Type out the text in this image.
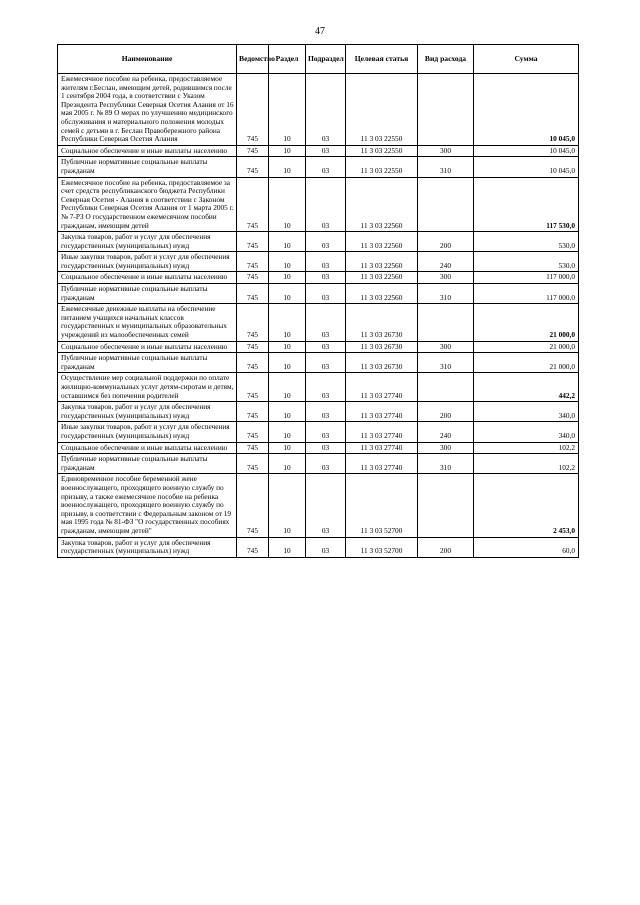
47
Наименование	Ведомство	Раздел	Подраздел	Целевая статья	Вид расхода	Сумма
Ежемесячное пособие на ребенка, предоставляемое жителям г.Беслан, имеющим детей, родившимся после 1 сентября 2004 года, в соответствии с Указом Президента Республики Северная Осетия Алания от 16 мая 2005 г. № 89 О мерах по улучшению медицинского обслуживания и материального положения молодых семей с детьми в г. Беслан Правобережного района Республики Северная Осетия Алания	745	10	03	11 3 03 22550		10 045,0
Социальное обеспечение и иные выплаты населению	745	10	03	11 3 03 22550	300	10 045,0
Публичные нормативные социальные выплаты гражданам	745	10	03	11 3 03 22550	310	10 045,0
Ежемесячное пособие на ребенка, предоставляемое за счет средств республиканского бюджета Республики Северная Осетия - Алания в соответствии с Законом Республики Северная Осетия Алания от 1 марта 2005 г. № 7-РЗ О государственном ежемесячном пособии гражданам, имеющим детей	745	10	03	11 3 03 22560		117 530,0
Закупка товаров, работ и услуг для обеспечения государственных (муниципальных) нужд	745	10	03	11 3 03 22560	200	530,0
Иные закупки товаров, работ и услуг для обеспечения государственных (муниципальных) нужд	745	10	03	11 3 03 22560	240	530,0
Социальное обеспечение и иные выплаты населению	745	10	03	11 3 03 22560	300	117 000,0
Публичные нормативные социальные выплаты гражданам	745	10	03	11 3 03 22560	310	117 000,0
Ежемесячные денежные выплаты на обеспечение питанием учащихся начальных классов государственных и муниципальных образовательных учреждений из малообеспеченных семей	745	10	03	11 3 03 26730		21 000,0
Социальное обеспечение и иные выплаты населению	745	10	03	11 3 03 26730	300	21 000,0
Публичные нормативные социальные выплаты гражданам	745	10	03	11 3 03 26730	310	21 000,0
Осуществление мер социальной поддержки по оплате жилищно-коммунальных услуг детям-сиротам и детям, оставшимся без попечения родителей	745	10	03	11 3 03 27740		442,2
Закупка товаров, работ и услуг для обеспечения государственных (муниципальных) нужд	745	10	03	11 3 03 27740	200	340,0
Иные закупки товаров, работ и услуг для обеспечения государственных (муниципальных) нужд	745	10	03	11 3 03 27740	240	340,0
Социальное обеспечение и иные выплаты населению	745	10	03	11 3 03 27740	300	102,2
Публичные нормативные социальные выплаты гражданам	745	10	03	11 3 03 27740	310	102,2
Единовременное пособие беременной жене военнослужащего, проходящего военную службу по призыву, а также ежемесячное пособие на ребенка военнослужащего, проходящего военную службу по призыву, в соответствии с Федеральным законом от 19 мая 1995 года № 81-ФЗ "О государственных пособиях гражданам, имеющим детей"	745	10	03	11 3 03 52700		2 453,0
Закупка товаров, работ и услуг для обеспечения государственных (муниципальных) нужд	745	10	03	11 3 03 52700	200	60,0
